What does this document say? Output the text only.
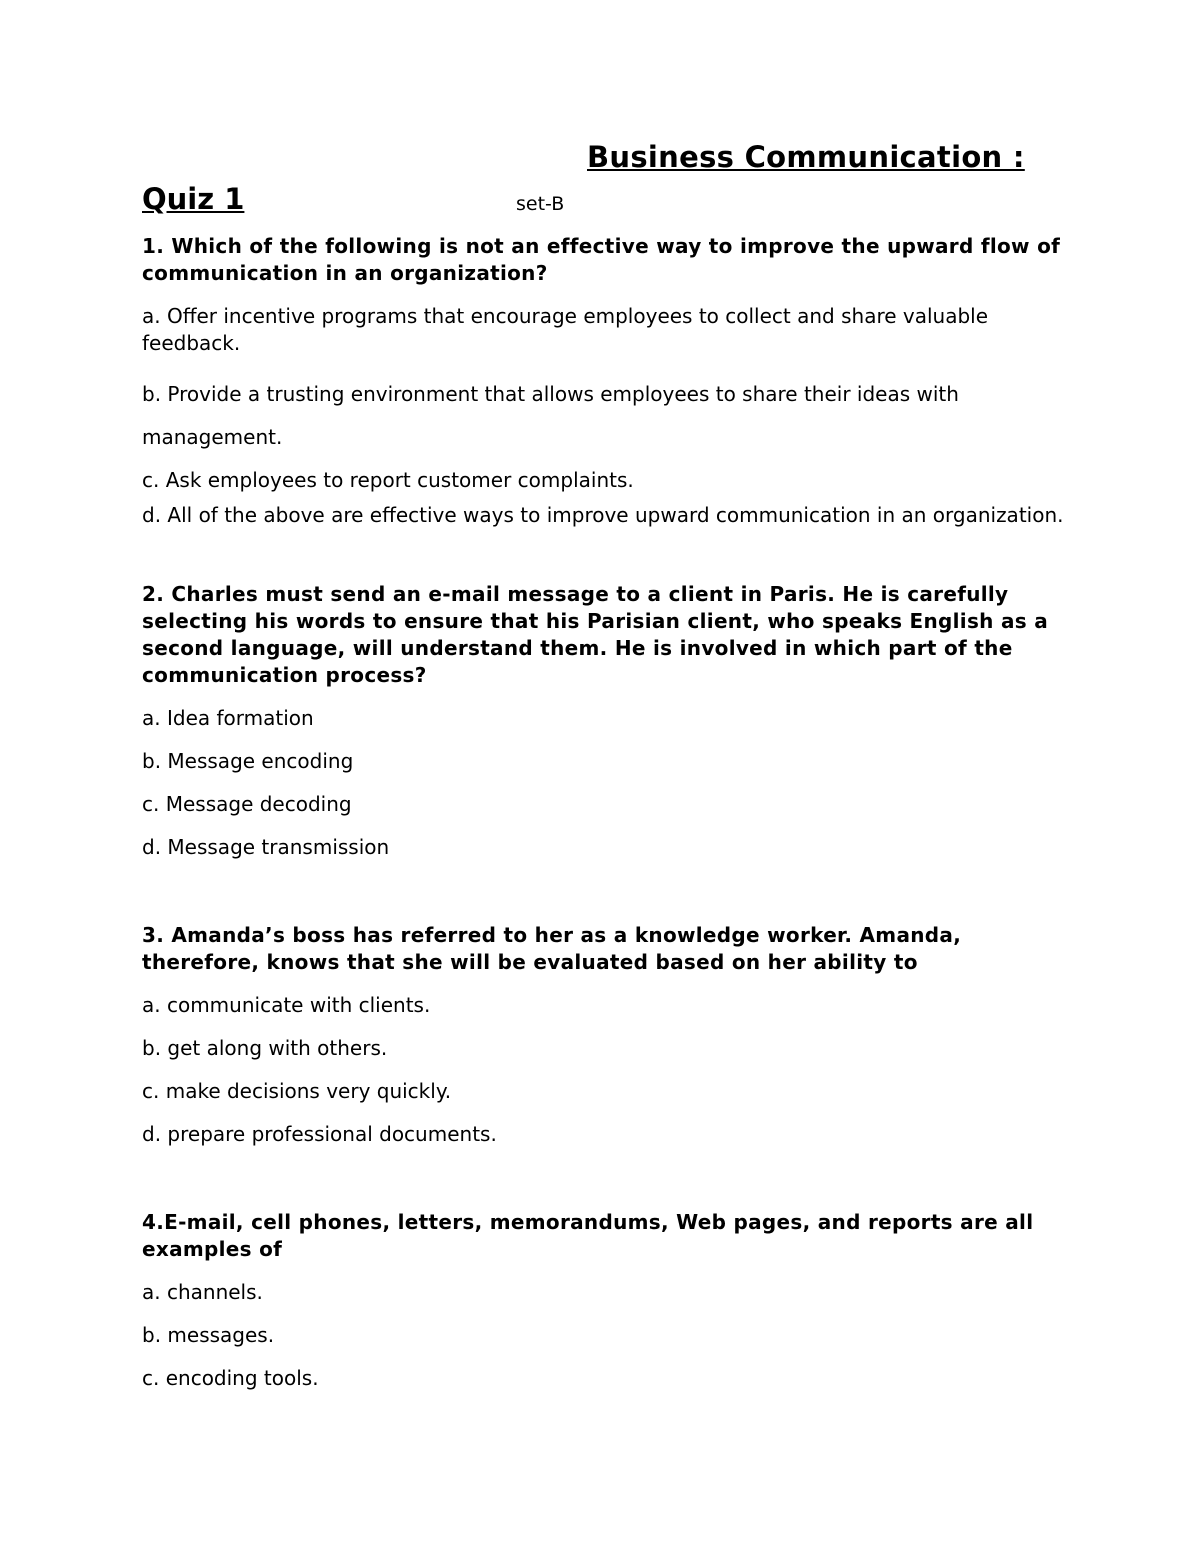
Business Communication :
Quiz 1	set-B
1. Which of the following is not an effective way to improve the upward flow of communication in an organization?
a. Offer incentive programs that encourage employees to collect and share valuable feedback.
b. Provide a trusting environment that allows employees to share their ideas with
management.
c. Ask employees to report customer complaints.
d. All of the above are effective ways to improve upward communication in an organization.
2. Charles must send an e-mail message to a client in Paris. He is carefully selecting his words to ensure that his Parisian client, who speaks English as a second language, will understand them. He is involved in which part of the communication process?
a. Idea formation
b. Message encoding
c. Message decoding
d. Message transmission
3. Amanda’s boss has referred to her as a knowledge worker. Amanda, therefore, knows that she will be evaluated based on her ability to
a. communicate with clients.
b. get along with others.
c. make decisions very quickly.
d. prepare professional documents.
4.E-mail, cell phones, letters, memorandums, Web pages, and reports are all examples of
a. channels.
b. messages.
c. encoding tools.
